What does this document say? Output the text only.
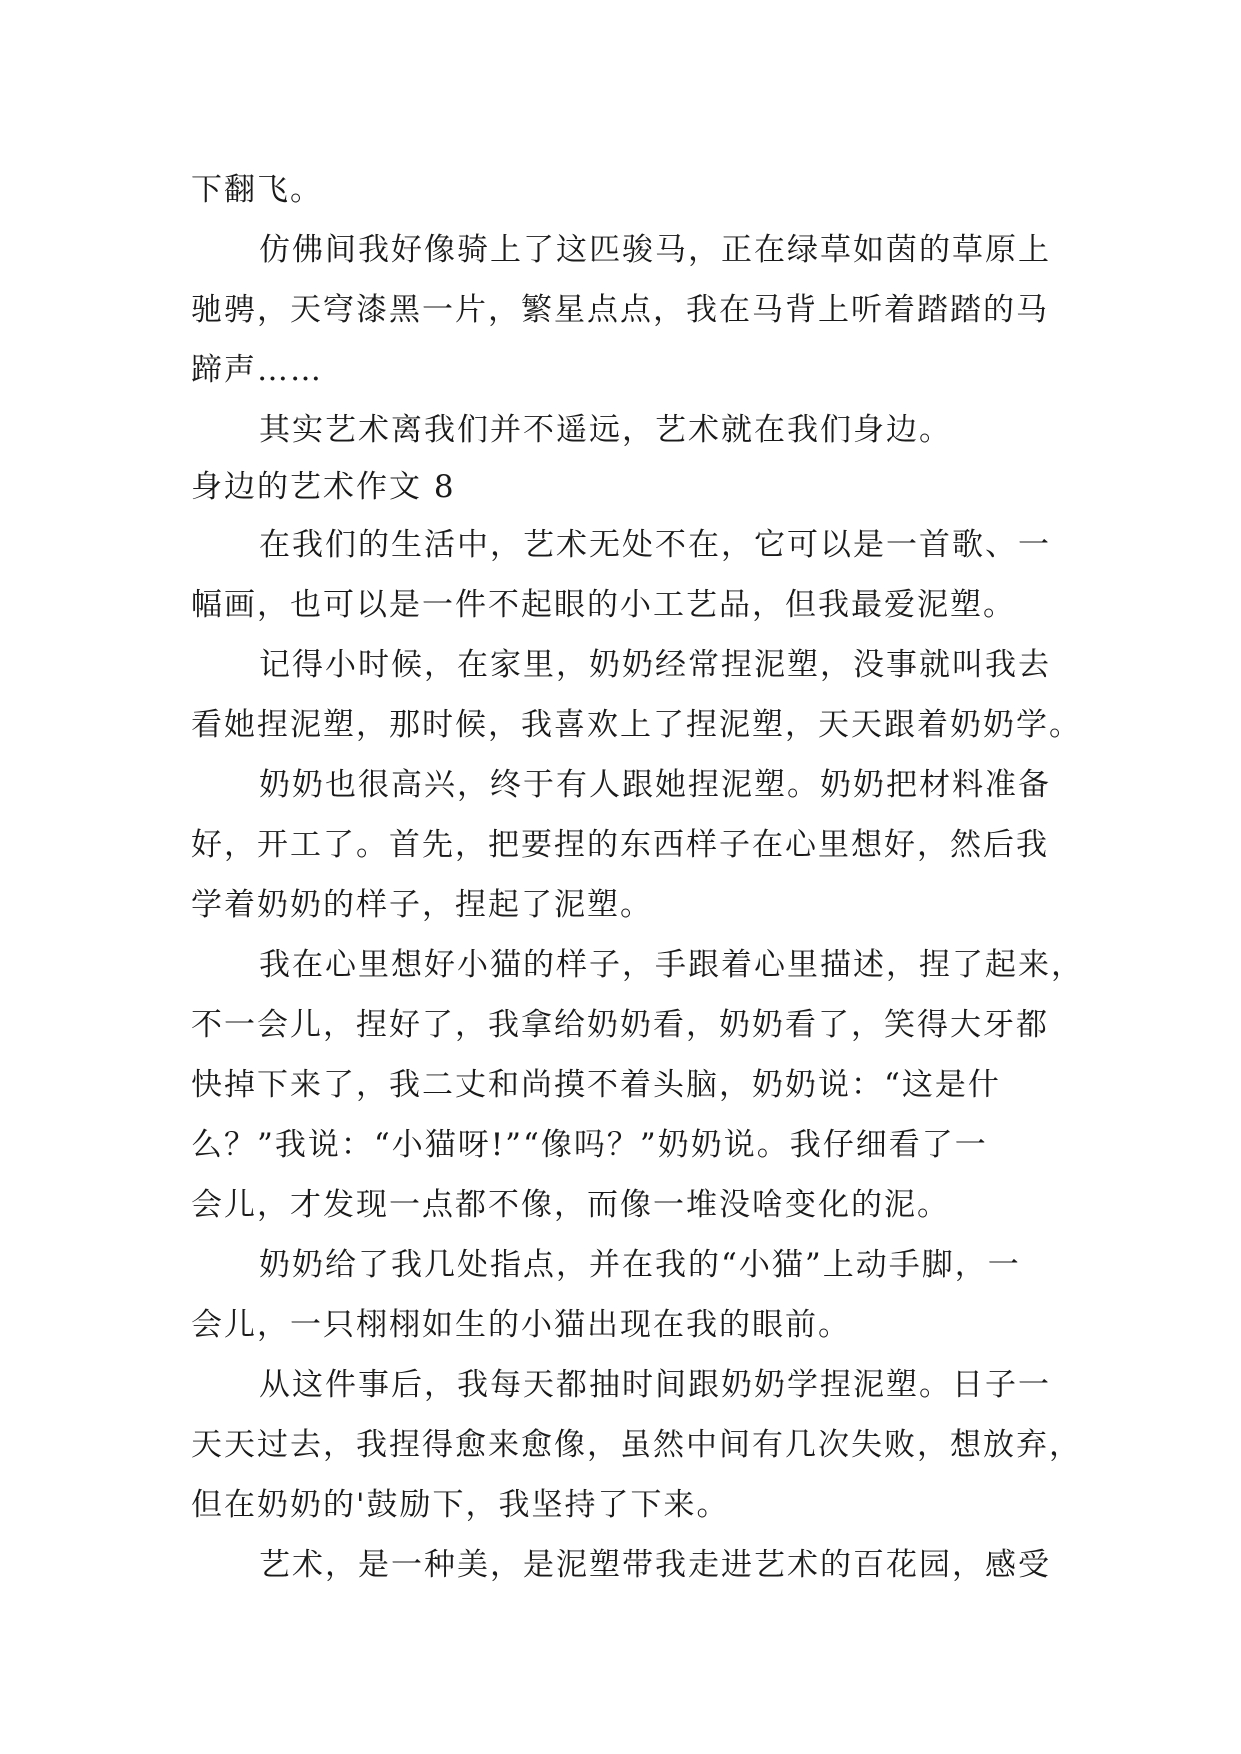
下翻飞。
仿佛间我好像骑上了这匹骏马，正在绿草如茵的草原上
驰骋，天穹漆黑一片，繁星点点，我在马背上听着踏踏的马
蹄声……
其实艺术离我们并不遥远，艺术就在我们身边。
身边的艺术作文 8
在我们的生活中，艺术无处不在，它可以是一首歌、一
幅画，也可以是一件不起眼的小工艺品，但我最爱泥塑。
记得小时候，在家里，奶奶经常捏泥塑，没事就叫我去
看她捏泥塑，那时候，我喜欢上了捏泥塑，天天跟着奶奶学。
奶奶也很高兴，终于有人跟她捏泥塑。奶奶把材料准备
好，开工了。首先，把要捏的东西样子在心里想好，然后我
学着奶奶的样子，捏起了泥塑。
我在心里想好小猫的样子，手跟着心里描述，捏了起来，
不一会儿，捏好了，我拿给奶奶看，奶奶看了，笑得大牙都
快掉下来了，我二丈和尚摸不着头脑，奶奶说：“这是什
么？”我说：“小猫呀!”“像吗？”奶奶说。我仔细看了一
会儿，才发现一点都不像，而像一堆没啥变化的泥。
奶奶给了我几处指点，并在我的“小猫”上动手脚，一
会儿，一只栩栩如生的小猫出现在我的眼前。
从这件事后，我每天都抽时间跟奶奶学捏泥塑。日子一
天天过去，我捏得愈来愈像，虽然中间有几次失败，想放弃，
但在奶奶的'鼓励下，我坚持了下来。
艺术，是一种美，是泥塑带我走进艺术的百花园，感受
